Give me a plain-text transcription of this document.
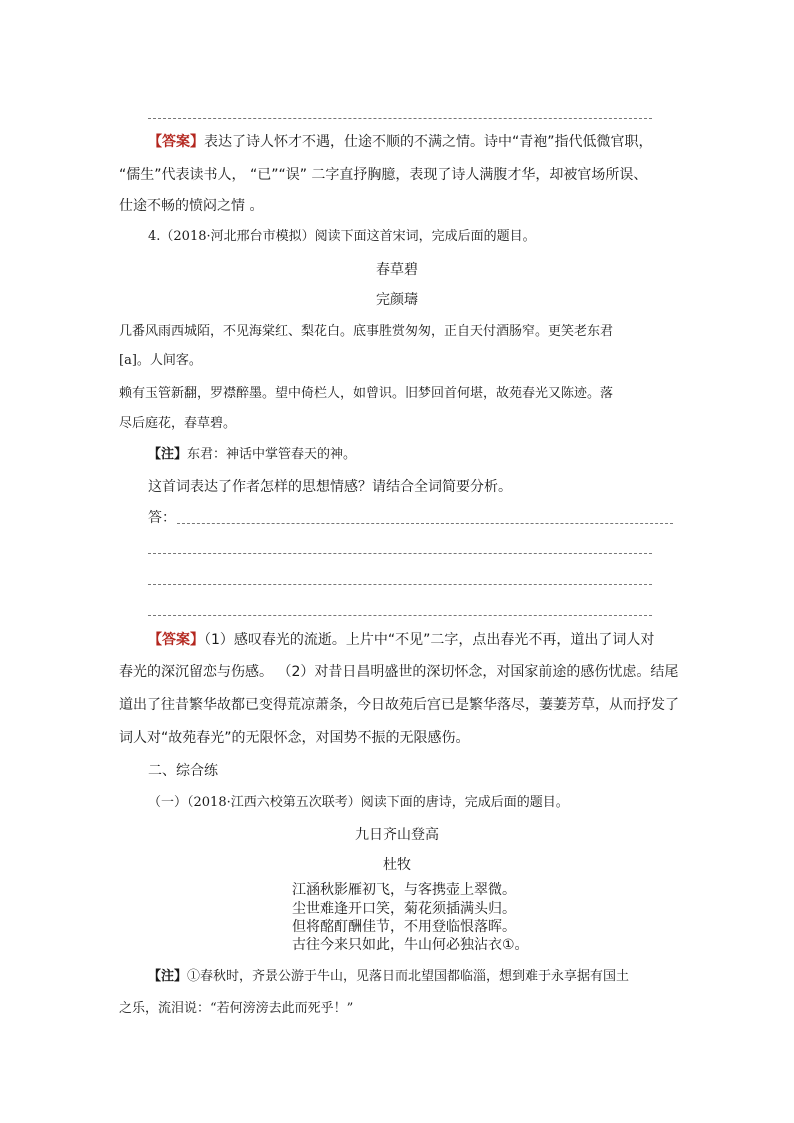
【答案】表达了诗人怀才不遇，仕途不顺的不满之情。诗中“青袍”指代低微官职，
“儒生”代表读书人， “已”“误” 二字直抒胸臆，表现了诗人满腹才华，却被官场所误、
仕途不畅的愤闷之情 。
4.（2018·河北邢台市模拟）阅读下面这首宋词，完成后面的题目。
春草碧
完颜璹
几番风雨西城陌，不见海棠红、梨花白。底事胜赏匆匆，正自天付酒肠窄。更笑老东君
[a]。人间客。
赖有玉管新翻，罗襟醉墨。望中倚栏人，如曾识。旧梦回首何堪，故苑春光又陈迹。落
尽后庭花，春草碧。
【注】东君：神话中掌管春天的神。
这首词表达了作者怎样的思想情感？请结合全词简要分析。
答：
【答案】（1）感叹春光的流逝。上片中“不见”二字，点出春光不再，道出了词人对
春光的深沉留恋与伤感。 （2）对昔日昌明盛世的深切怀念，对国家前途的感伤忧虑。结尾
道出了往昔繁华故都已变得荒凉萧条，今日故苑后宫已是繁华落尽，萋萋芳草，从而抒发了
词人对“故苑春光”的无限怀念，对国势不振的无限感伤。
二、综合练
（一）（2018·江西六校第五次联考）阅读下面的唐诗，完成后面的题目。
九日齐山登高
杜牧
江涵秋影雁初飞，与客携壶上翠微。
尘世难逢开口笑，菊花须插满头归。
但将酩酊酬佳节，不用登临恨落晖。
古往今来只如此，牛山何必独沾衣①。
【注】①春秋时，齐景公游于牛山，见落日而北望国都临淄，想到难于永享据有国土
之乐，流泪说：“若何滂滂去此而死乎！”
